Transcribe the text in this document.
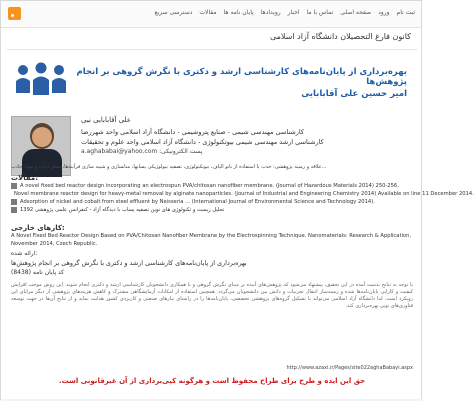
ثبت نام
ورود
صفحه اصلی
تماس با ما
اخبار
رویدادها
پایان نامه ها
مقالات
دسترسی سریع
کانون فارغ التحصیلان دانشگاه آزاد اسلامی
بهره‌برداری از پایان‌نامه‌های کارشناسی ارشد و دکتری با نگرش گروهی بر انجام پژوهش‌ها
امیر حسین علی آقابابایی
علی آقابابایی نیی
کارشناسی مهندسی شیمی - صنایع پتروشیمی - دانشگاه آزاد اسلامی واحد شهررضا
کارشناسی ارشد مهندسی شیمی بیوتکنولوژی - دانشگاه آزاد اسلامی واحد علوم و تحقیقات
a.aghababai@yahoo.com :پست الکترونیکی
علاقه و زمینه پژوهشی: جذب با استفاده از نانو الیاف، بیوتکنولوژی، تصفیه بیولوژیکی پسابها، مدلسازی و شبیه سازی فرآیندها، سنتز ذرات و مواد جاذب...
مقالات:
A novel fixed bed reactor design incorporating an electrospun PVA/chitosan nanofiber membrane. (Journal of Hazardous Materials 2014) 250-256.
Novel membrane reactor design for heavy-metal removal by alginate nanoparticles. (Journal of Industrial and Engineering Chemistry 2014) Available on line 11 December 2014.
Adsorption of nickel and cobalt from steel effluent by Neisseria ... (International Journal of Environmental Science and Technology 2014).
تحلیل زیست و تکنولوژی های نوین تصفیه پساب با دیدگاه آزاد - کنفرانس علمی پژوهشی 1392
کارهای خارجی:
A Novel Fixed Bed Reactor Design Based on PVA/Chitosan Nanofiber Membrane by the Electrospinning Technique. Nanomaterials: Research & Application, November 2014, Czech Republic.
ارائه شده:
بهره‌برداری از پایان‌نامه‌های کارشناسی ارشد و دکتری با نگرش گروهی بر انجام پژوهش‌ها
کد پایان نامه (8438)
با توجه به نتایج بدست آمده در این تحقیق، پیشنهاد می‌شود که پژوهش‌های آینده بر مبنای نگرش گروهی و با همکاری دانشجویان کارشناسی ارشد و دکتری انجام شوند. این روش موجب افزایش کیفیت و کارایی پایان‌نامه‌ها شده و زمینه‌ساز انتقال تجربیات و دانش بین دانشجویان می‌گردد. همچنین استفاده از امکانات آزمایشگاهی مشترک و کاهش هزینه‌های پژوهشی از دیگر مزایای این رویکرد است. لذا دانشگاه آزاد اسلامی می‌تواند با تشکیل گروه‌های پژوهشی تخصصی، پایان‌نامه‌ها را در راستای نیازهای صنعتی و کاربردی کشور هدایت نماید و از نتایج آن‌ها در جهت توسعه فناوری‌های نوین بهره‌برداری کند.
http://www.azaxi.ir/Pages/site022aghaBabayi.aspx
حق این ایده و طرح برای طراح محفوظ است و هرگونه کپی‌برداری از آن غیرقانونی است.
